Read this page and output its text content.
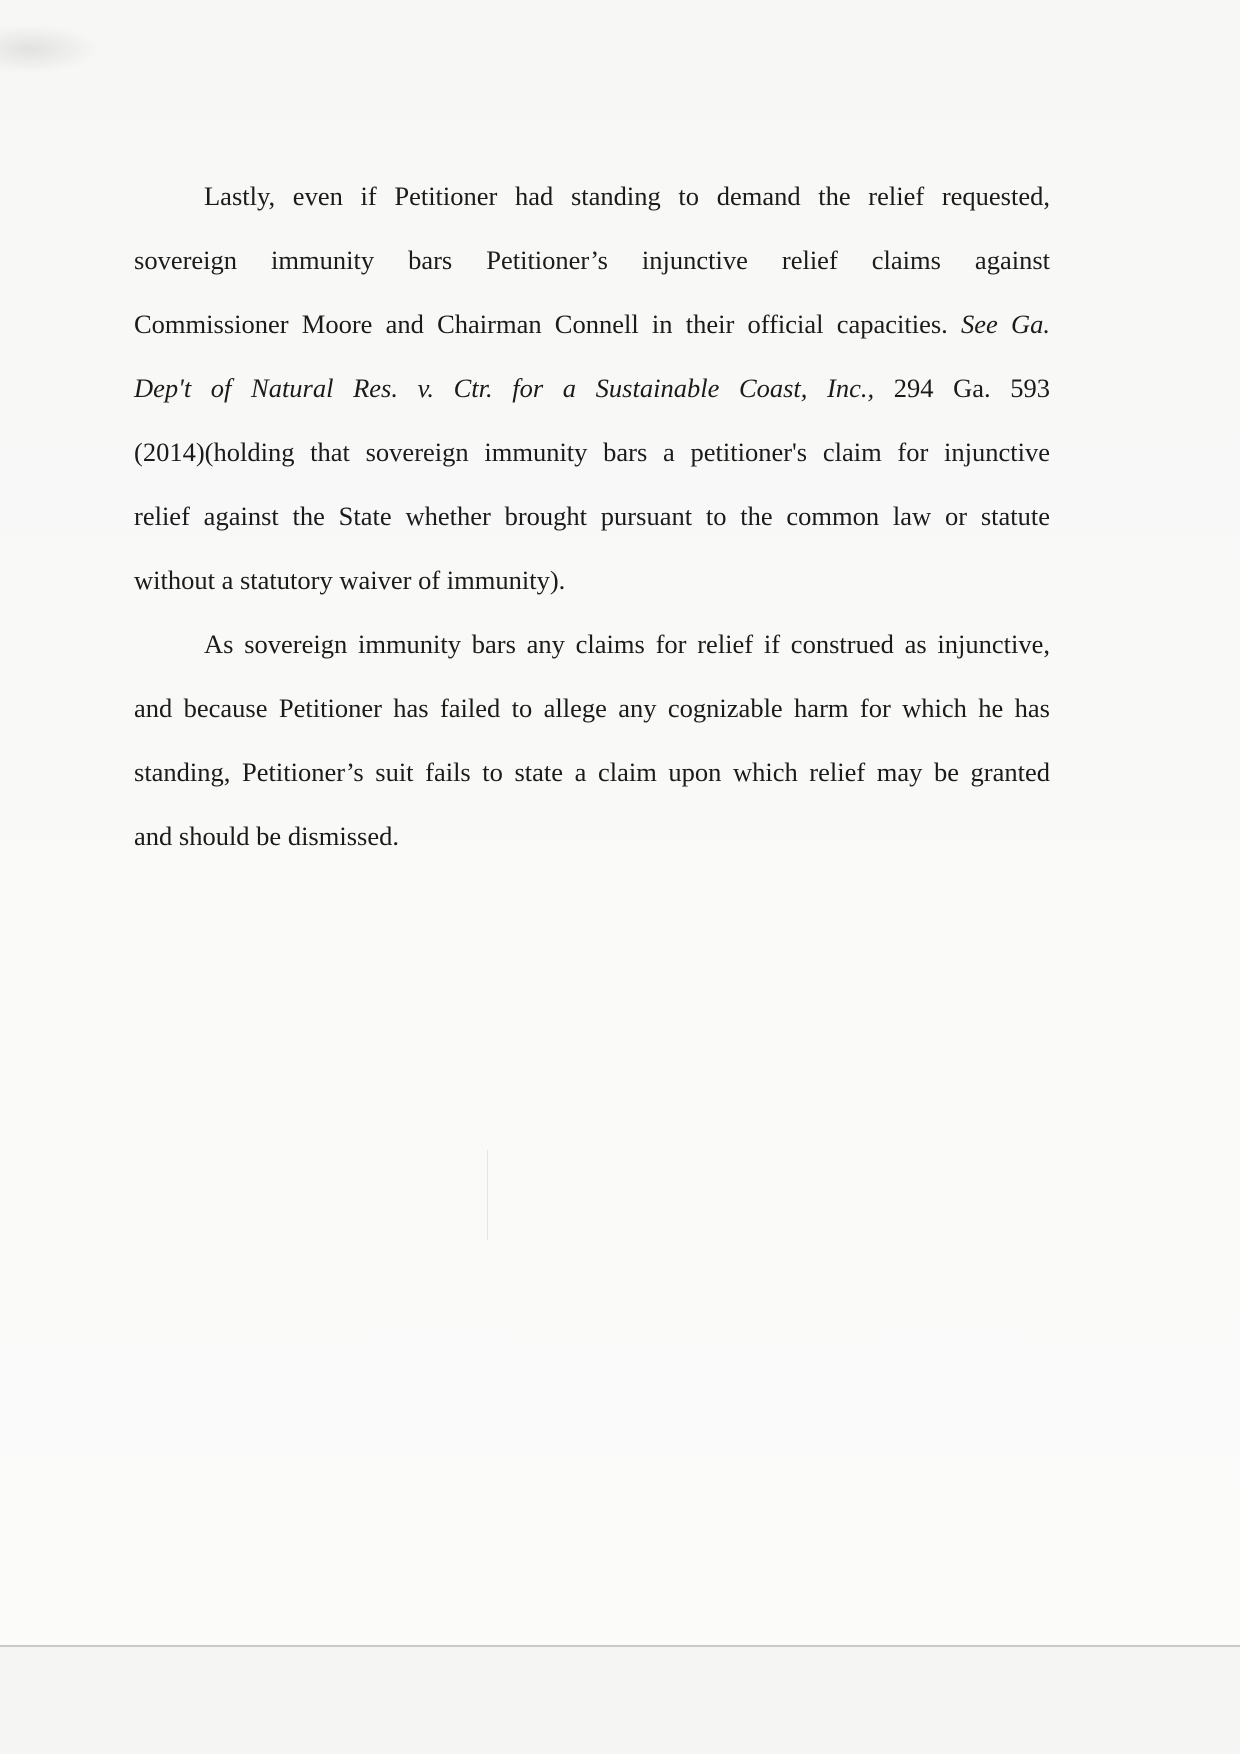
Lastly, even if Petitioner had standing to demand the relief requested,
sovereign immunity bars Petitioner’s injunctive relief claims against
Commissioner Moore and Chairman Connell in their official capacities. See Ga.
Dep't of Natural Res. v. Ctr. for a Sustainable Coast, Inc., 294 Ga. 593
(2014)(holding that sovereign immunity bars a petitioner's claim for injunctive
relief against the State whether brought pursuant to the common law or statute
without a statutory waiver of immunity).

As sovereign immunity bars any claims for relief if construed as injunctive,
and because Petitioner has failed to allege any cognizable harm for which he has
standing, Petitioner’s suit fails to state a claim upon which relief may be granted
and should be dismissed.
